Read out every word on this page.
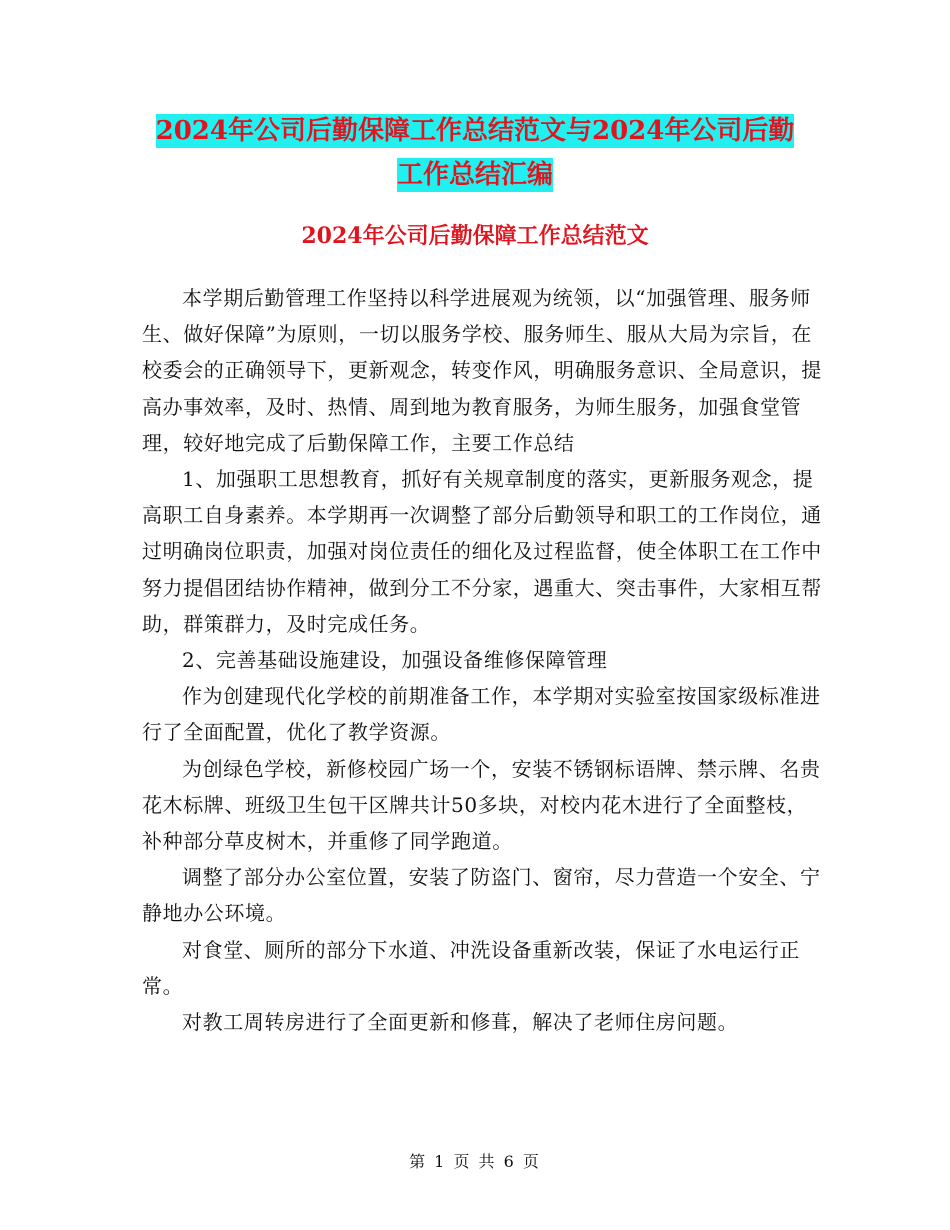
2024年公司后勤保障工作总结范文与2024年公司后勤
工作总结汇编
2024年公司后勤保障工作总结范文

本学期后勤管理工作坚持以科学进展观为统领，以“加强管理、服务师生、做好保障”为原则，一切以服务学校、服务师生、服从大局为宗旨，在校委会的正确领导下，更新观念，转变作风，明确服务意识、全局意识，提高办事效率，及时、热情、周到地为教育服务，为师生服务，加强食堂管理，较好地完成了后勤保障工作，主要工作总结

1、加强职工思想教育，抓好有关规章制度的落实，更新服务观念，提高职工自身素养。本学期再一次调整了部分后勤领导和职工的工作岗位，通过明确岗位职责，加强对岗位责任的细化及过程监督，使全体职工在工作中努力提倡团结协作精神，做到分工不分家，遇重大、突击事件，大家相互帮助，群策群力，及时完成任务。

2、完善基础设施建设，加强设备维修保障管理

作为创建现代化学校的前期准备工作，本学期对实验室按国家级标准进行了全面配置，优化了教学资源。

为创绿色学校，新修校园广场一个，安装不锈钢标语牌、禁示牌、名贵花木标牌、班级卫生包干区牌共计50多块，对校内花木进行了全面整枝，补种部分草皮树木，并重修了同学跑道。

调整了部分办公室位置，安装了防盗门、窗帘，尽力营造一个安全、宁静地办公环境。

对食堂、厕所的部分下水道、冲洗设备重新改装，保证了水电运行正常。

对教工周转房进行了全面更新和修葺，解决了老师住房问题。

第 1 页 共 6 页
